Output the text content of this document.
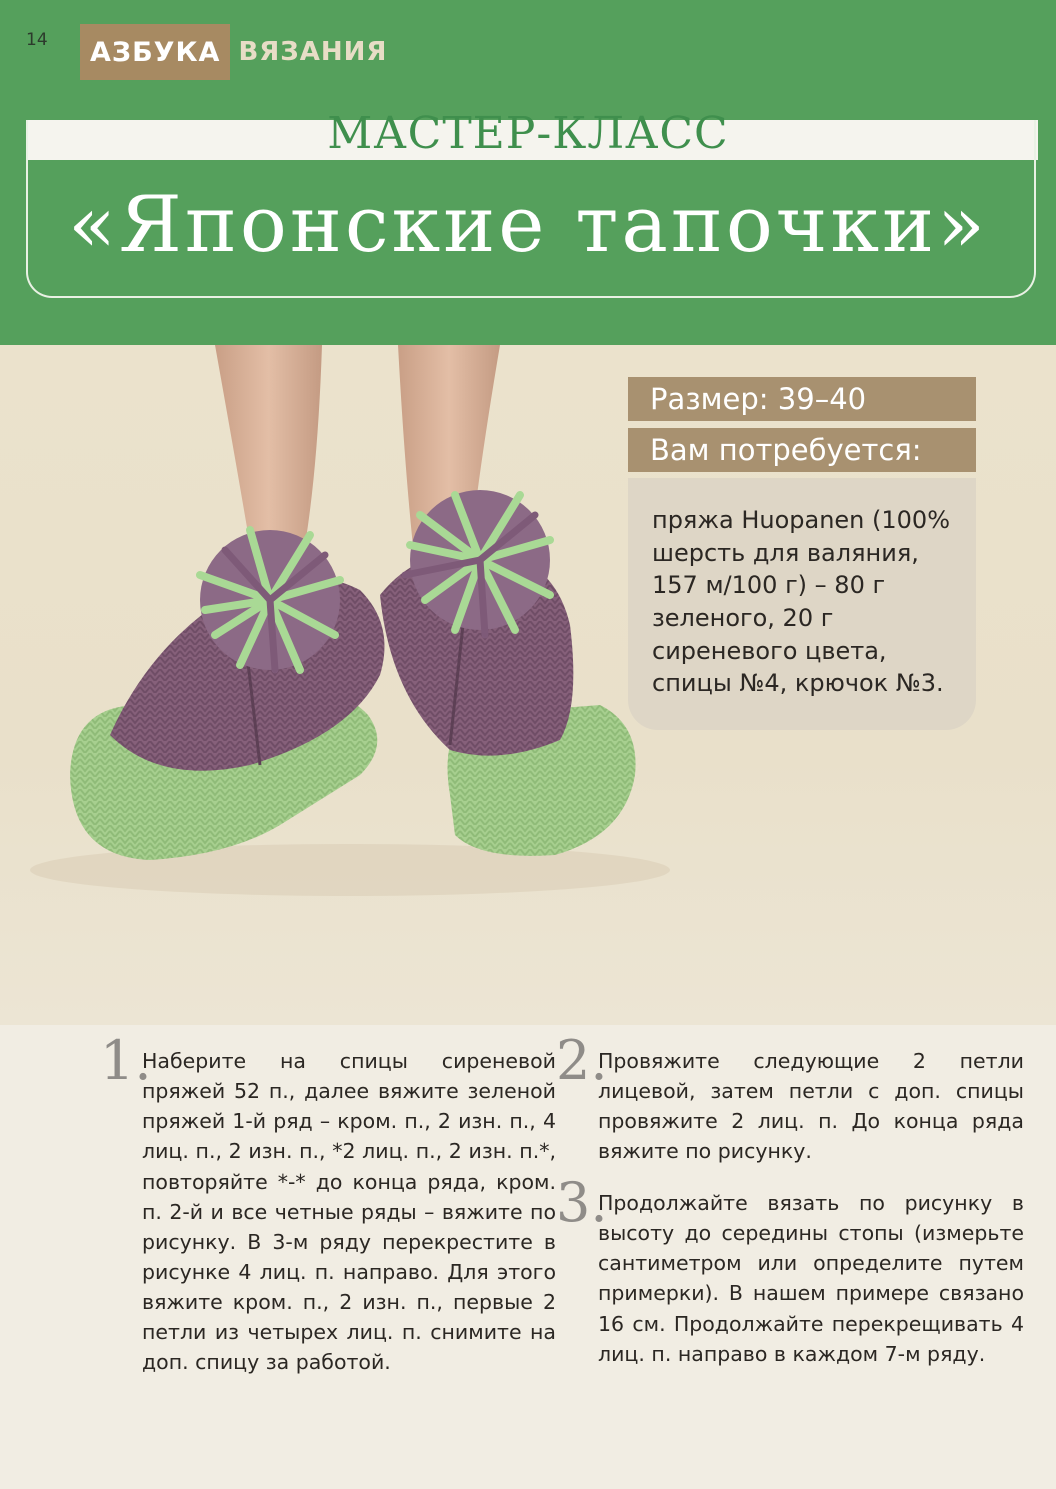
14	АЗБУКА ВЯЗАНИЯ
МАСТЕР-КЛАСС
«Японские тапочки»
Размер: 39–40
Вам потребуется:

пряжа Huopanen (100% шерсть для валяния, 157 м/100 г) – 80 г зеленого, 20 г сиреневого цвета, спицы №4, крючок №3.

1.

Наберите на спицы сиреневой пряжей 52 п., далее вяжите зеленой пряжей 1-й ряд – кром. п., 2 изн. п., 4 лиц. п., 2 изн. п., *2 лиц. п., 2 изн. п.*, повторяйте *-* до конца ряда, кром. п. 2-й и все четные ряды – вяжите по рисунку. В 3-м ряду перекрестите в рисунке 4 лиц. п. направо. Для этого вяжите кром. п., 2 изн. п., первые 2 петли из четырех лиц. п. снимите на доп. спицу за работой.

2.

Провяжите следующие 2 петли лицевой, затем петли с доп. спицы провяжите 2 лиц. п. До конца ряда вяжите по рисунку.

3.

Продолжайте вязать по рисунку в высоту до середины стопы (измерьте сантиметром или определите путем примерки). В нашем примере связано 16 см. Продолжайте перекрещивать 4 лиц. п. направо в каждом 7-м ряду.
